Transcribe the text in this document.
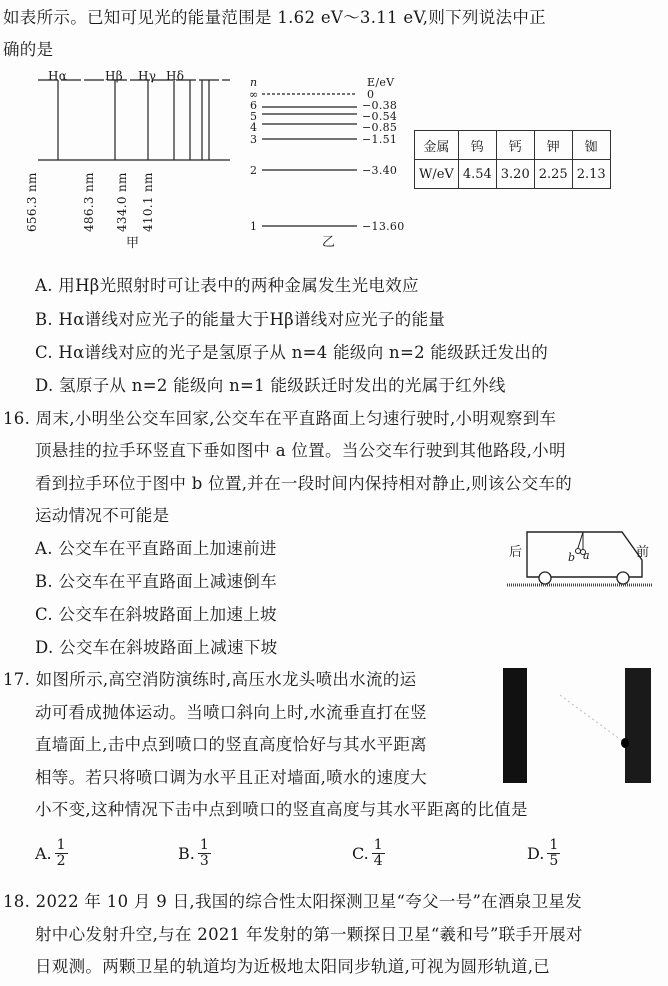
如表所示。已知可见光的能量范围是 1.62 eV～3.11 eV,则下列说法中正
确的是
Hα	Hβ Hγ Hδ
656.3 nm	486.3 nm 434.0 nm 410.1 nm
甲
n	E/eV
∞
6
5
4
3
2
1
0
−0.38
−0.54
−0.85
−1.51
−3.40
−13.60
乙
金属	钨	钙	钾	铷
W/eV	4.54	3.20	2.25	2.13
A. 用Hβ光照射时可让表中的两种金属发生光电效应
B. Hα谱线对应光子的能量大于Hβ谱线对应光子的能量
C. Hα谱线对应的光子是氢原子从 n=4 能级向 n=2 能级跃迁发出的
D. 氢原子从 n=2 能级向 n=1 能级跃迁时发出的光属于红外线
16. 周末,小明坐公交车回家,公交车在平直路面上匀速行驶时,小明观察到车
顶悬挂的拉手环竖直下垂如图中 a 位置。当公交车行驶到其他路段,小明
看到拉手环位于图中 b 位置,并在一段时间内保持相对静止,则该公交车的
运动情况不可能是
A. 公交车在平直路面上加速前进
B. 公交车在平直路面上减速倒车
C. 公交车在斜坡路面上加速上坡
D. 公交车在斜坡路面上减速下坡
后	前
b a
17. 如图所示,高空消防演练时,高压水龙头喷出水流的运
动可看成抛体运动。当喷口斜向上时,水流垂直打在竖
直墙面上,击中点到喷口的竖直高度恰好与其水平距离
相等。若只将喷口调为水平且正对墙面,喷水的速度大
小不变,这种情况下击中点到喷口的竖直高度与其水平距离的比值是
A. $\frac{1}{2}$	B. $\frac{1}{3}$	C. $\frac{1}{4}$	D. $\frac{1}{5}$
18. 2022 年 10 月 9 日,我国的综合性太阳探测卫星“夸父一号”在酒泉卫星发
射中心发射升空,与在 2021 年发射的第一颗探日卫星“羲和号”联手开展对
日观测。两颗卫星的轨道均为近极地太阳同步轨道,可视为圆形轨道,已
